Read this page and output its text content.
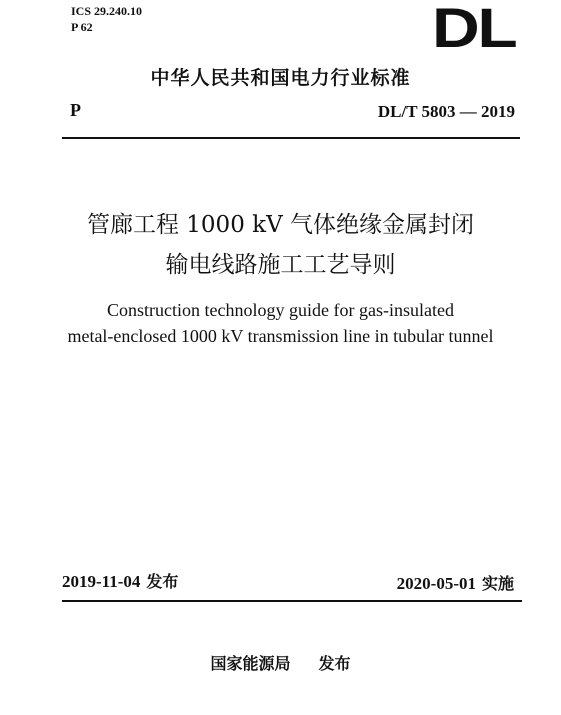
ICS 29.240.10
P 62	DL
中华人民共和国电力行业标准
P	DL/T 5803 — 2019
管廊工程 1000 kV 气体绝缘金属封闭
输电线路施工工艺导则
Construction technology guide for gas-insulated
metal-enclosed 1000 kV transmission line in tubular tunnel
2019-11-04 发布	2020-05-01 实施
国家能源局 发布
